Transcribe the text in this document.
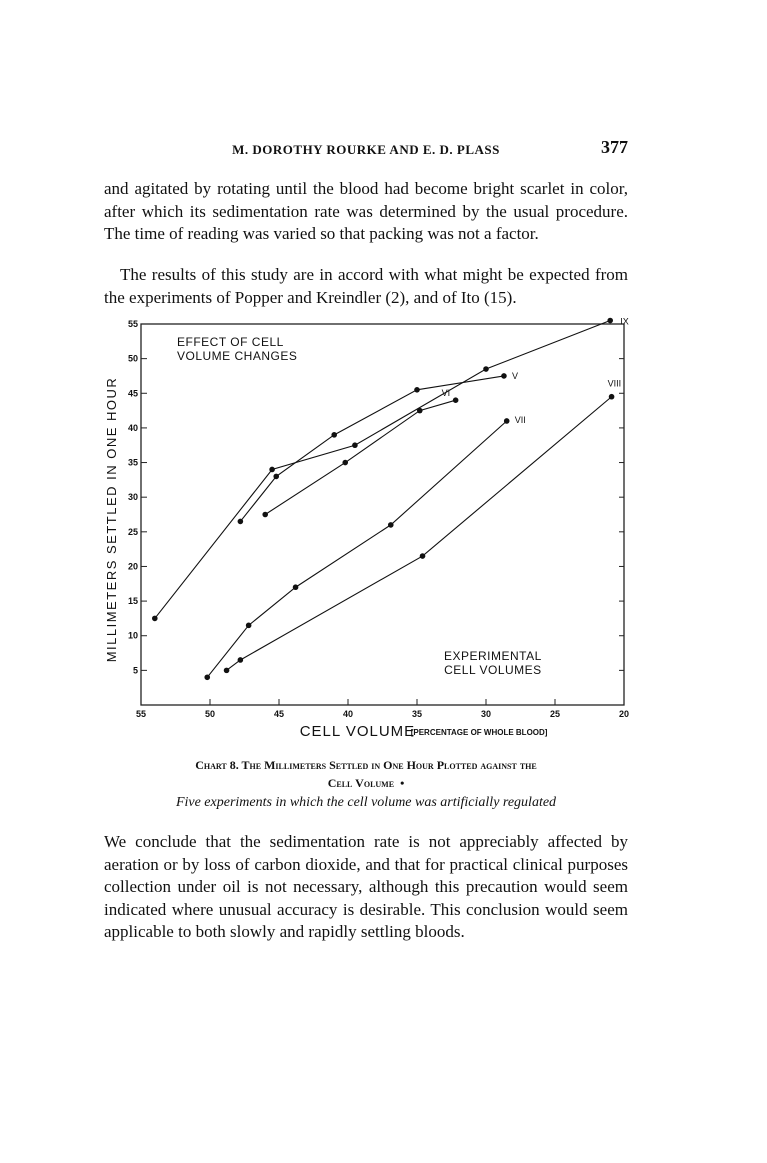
M. DOROTHY ROURKE AND E. D. PLASS	377

and agitated by rotating until the blood had become bright scarlet in color, after which its sedimentation rate was determined by the usual procedure. The time of reading was varied so that packing was not a factor.

The results of this study are in accord with what might be expected from the experiments of Popper and Kreindler (2), and of Ito (15).

55	50	45	40	35	30	25	20
5
10
15
20
25
30
35
40
45
50
55
CELL VOLUME
[PERCENTAGE OF WHOLE BLOOD]
MILLIMETERS SETTLED IN ONE HOUR
EFFECT OF CELL
VOLUME CHANGES
EXPERIMENTAL
CELL VOLUMES
IX
V
VI
VII
VIII

Chart 8. The Millimeters Settled in One Hour Plotted against the
Cell Volume  •

Five experiments in which the cell volume was artificially regulated

We conclude that the sedimentation rate is not appreciably affected by aeration or by loss of carbon dioxide, and that for practical clinical purposes collection under oil is not necessary, although this precaution would seem indicated where unusual accuracy is desirable. This conclusion would seem applicable to both slowly and rapidly settling bloods.
